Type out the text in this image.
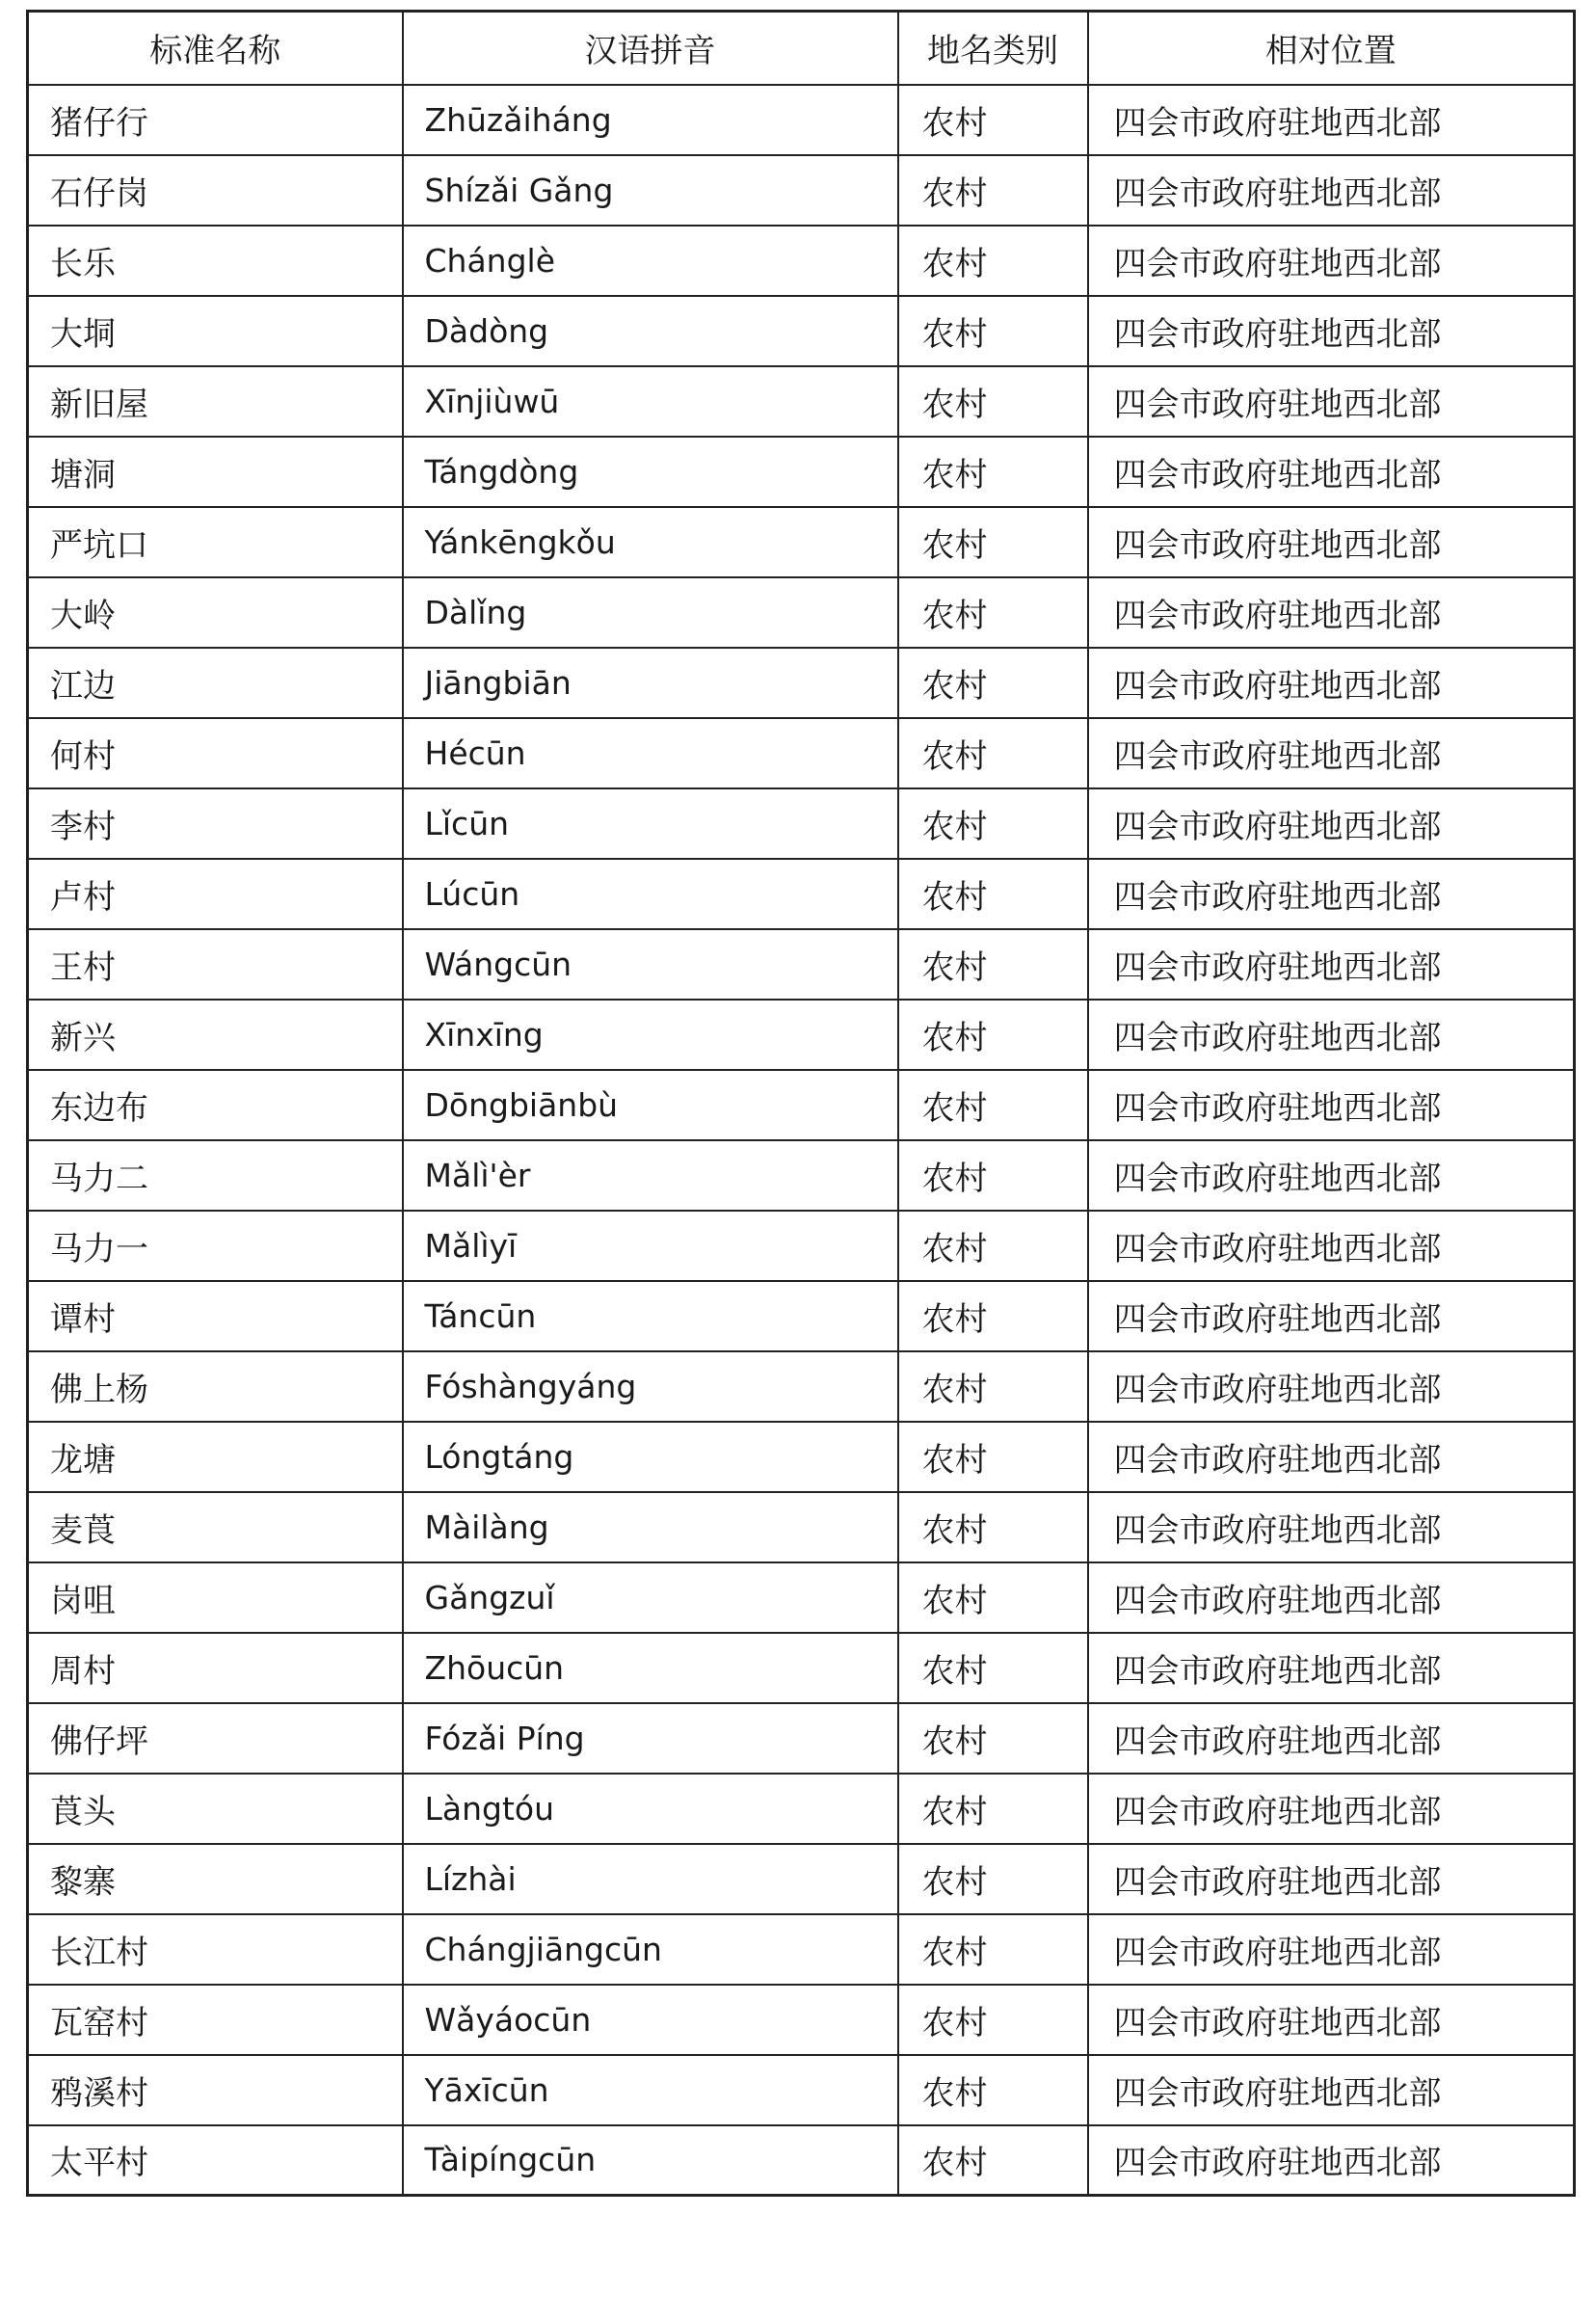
标准名称	汉语拼音	地名类别	相对位置
猪仔行	Zhūzǎiháng	农村	四会市政府驻地西北部
石仔岗	Shízǎi Gǎng	农村	四会市政府驻地西北部
长乐	Chánglè	农村	四会市政府驻地西北部
大垌	Dàdòng	农村	四会市政府驻地西北部
新旧屋	Xīnjiùwū	农村	四会市政府驻地西北部
塘洞	Tángdòng	农村	四会市政府驻地西北部
严坑口	Yánkēngkǒu	农村	四会市政府驻地西北部
大岭	Dàlǐng	农村	四会市政府驻地西北部
江边	Jiāngbiān	农村	四会市政府驻地西北部
何村	Hécūn	农村	四会市政府驻地西北部
李村	Lǐcūn	农村	四会市政府驻地西北部
卢村	Lúcūn	农村	四会市政府驻地西北部
王村	Wángcūn	农村	四会市政府驻地西北部
新兴	Xīnxīng	农村	四会市政府驻地西北部
东边布	Dōngbiānbù	农村	四会市政府驻地西北部
马力二	Mǎlì'èr	农村	四会市政府驻地西北部
马力一	Mǎlìyī	农村	四会市政府驻地西北部
谭村	Táncūn	农村	四会市政府驻地西北部
佛上杨	Fóshàngyáng	农村	四会市政府驻地西北部
龙塘	Lóngtáng	农村	四会市政府驻地西北部
麦莨	Màilàng	农村	四会市政府驻地西北部
岗咀	Gǎngzuǐ	农村	四会市政府驻地西北部
周村	Zhōucūn	农村	四会市政府驻地西北部
佛仔坪	Fózǎi Píng	农村	四会市政府驻地西北部
莨头	Làngtóu	农村	四会市政府驻地西北部
黎寨	Lízhài	农村	四会市政府驻地西北部
长江村	Chángjiāngcūn	农村	四会市政府驻地西北部
瓦窑村	Wǎyáocūn	农村	四会市政府驻地西北部
鸦溪村	Yāxīcūn	农村	四会市政府驻地西北部
太平村	Tàipíngcūn	农村	四会市政府驻地西北部
